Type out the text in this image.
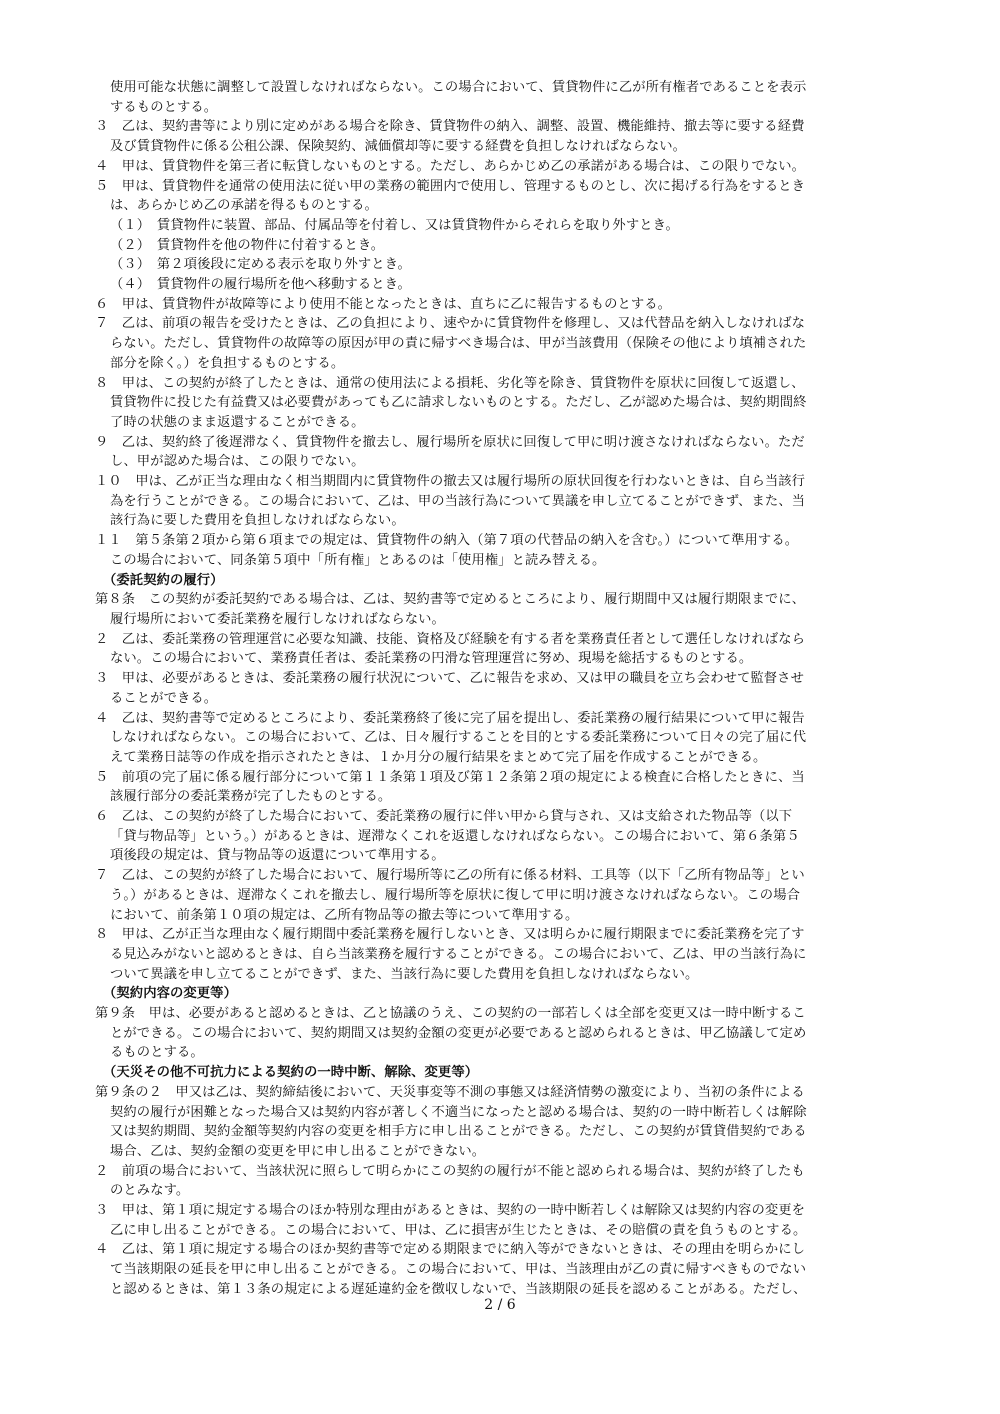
使用可能な状態に調整して設置しなければならない。この場合において、賃貸物件に乙が所有権者であることを表示
するものとする。
３　乙は、契約書等により別に定めがある場合を除き、賃貸物件の納入、調整、設置、機能維持、撤去等に要する経費
及び賃貸物件に係る公租公課、保険契約、減価償却等に要する経費を負担しなければならない。
４　甲は、賃貸物件を第三者に転貸しないものとする。ただし、あらかじめ乙の承諾がある場合は、この限りでない。
５　甲は、賃貸物件を通常の使用法に従い甲の業務の範囲内で使用し、管理するものとし、次に掲げる行為をするとき
は、あらかじめ乙の承諾を得るものとする。
（１）　賃貸物件に装置、部品、付属品等を付着し、又は賃貸物件からそれらを取り外すとき。
（２）　賃貸物件を他の物件に付着するとき。
（３）　第２項後段に定める表示を取り外すとき。
（４）　賃貸物件の履行場所を他へ移動するとき。
６　甲は、賃貸物件が故障等により使用不能となったときは、直ちに乙に報告するものとする。
７　乙は、前項の報告を受けたときは、乙の負担により、速やかに賃貸物件を修理し、又は代替品を納入しなければな
らない。ただし、賃貸物件の故障等の原因が甲の責に帰すべき場合は、甲が当該費用（保険その他により填補された
部分を除く。）を負担するものとする。
８　甲は、この契約が終了したときは、通常の使用法による損耗、劣化等を除き、賃貸物件を原状に回復して返還し、
賃貸物件に投じた有益費又は必要費があっても乙に請求しないものとする。ただし、乙が認めた場合は、契約期間終
了時の状態のまま返還することができる。
９　乙は、契約終了後遅滞なく、賃貸物件を撤去し、履行場所を原状に回復して甲に明け渡さなければならない。ただ
し、甲が認めた場合は、この限りでない。
１０　甲は、乙が正当な理由なく相当期間内に賃貸物件の撤去又は履行場所の原状回復を行わないときは、自ら当該行
為を行うことができる。この場合において、乙は、甲の当該行為について異議を申し立てることができず、また、当
該行為に要した費用を負担しなければならない。
１１　第５条第２項から第６項までの規定は、賃貸物件の納入（第７項の代替品の納入を含む。）について準用する。
この場合において、同条第５項中「所有権」とあるのは「使用権」と読み替える。
（委託契約の履行）
第８条　この契約が委託契約である場合は、乙は、契約書等で定めるところにより、履行期間中又は履行期限までに、
履行場所において委託業務を履行しなければならない。
２　乙は、委託業務の管理運営に必要な知識、技能、資格及び経験を有する者を業務責任者として選任しなければなら
ない。この場合において、業務責任者は、委託業務の円滑な管理運営に努め、現場を総括するものとする。
３　甲は、必要があるときは、委託業務の履行状況について、乙に報告を求め、又は甲の職員を立ち会わせて監督させ
ることができる。
４　乙は、契約書等で定めるところにより、委託業務終了後に完了届を提出し、委託業務の履行結果について甲に報告
しなければならない。この場合において、乙は、日々履行することを目的とする委託業務について日々の完了届に代
えて業務日誌等の作成を指示されたときは、１か月分の履行結果をまとめて完了届を作成することができる。
５　前項の完了届に係る履行部分について第１１条第１項及び第１２条第２項の規定による検査に合格したときに、当
該履行部分の委託業務が完了したものとする。
６　乙は、この契約が終了した場合において、委託業務の履行に伴い甲から貸与され、又は支給された物品等（以下
「貸与物品等」という。）があるときは、遅滞なくこれを返還しなければならない。この場合において、第６条第５
項後段の規定は、貸与物品等の返還について準用する。
７　乙は、この契約が終了した場合において、履行場所等に乙の所有に係る材料、工具等（以下「乙所有物品等」とい
う。）があるときは、遅滞なくこれを撤去し、履行場所等を原状に復して甲に明け渡さなければならない。この場合
において、前条第１０項の規定は、乙所有物品等の撤去等について準用する。
８　甲は、乙が正当な理由なく履行期間中委託業務を履行しないとき、又は明らかに履行期限までに委託業務を完了す
る見込みがないと認めるときは、自ら当該業務を履行することができる。この場合において、乙は、甲の当該行為に
ついて異議を申し立てることができず、また、当該行為に要した費用を負担しなければならない。
（契約内容の変更等）
第９条　甲は、必要があると認めるときは、乙と協議のうえ、この契約の一部若しくは全部を変更又は一時中断するこ
とができる。この場合において、契約期間又は契約金額の変更が必要であると認められるときは、甲乙協議して定め
るものとする。
（天災その他不可抗力による契約の一時中断、解除、変更等）
第９条の２　甲又は乙は、契約締結後において、天災事変等不測の事態又は経済情勢の激変により、当初の条件による
契約の履行が困難となった場合又は契約内容が著しく不適当になったと認める場合は、契約の一時中断若しくは解除
又は契約期間、契約金額等契約内容の変更を相手方に申し出ることができる。ただし、この契約が賃貸借契約である
場合、乙は、契約金額の変更を甲に申し出ることができない。
２　前項の場合において、当該状況に照らして明らかにこの契約の履行が不能と認められる場合は、契約が終了したも
のとみなす。
３　甲は、第１項に規定する場合のほか特別な理由があるときは、契約の一時中断若しくは解除又は契約内容の変更を
乙に申し出ることができる。この場合において、甲は、乙に損害が生じたときは、その賠償の責を負うものとする。
４　乙は、第１項に規定する場合のほか契約書等で定める期限までに納入等ができないときは、その理由を明らかにし
て当該期限の延長を甲に申し出ることができる。この場合において、甲は、当該理由が乙の責に帰すべきものでない
と認めるときは、第１３条の規定による遅延違約金を徴収しないで、当該期限の延長を認めることがある。ただし、
2 / 6
